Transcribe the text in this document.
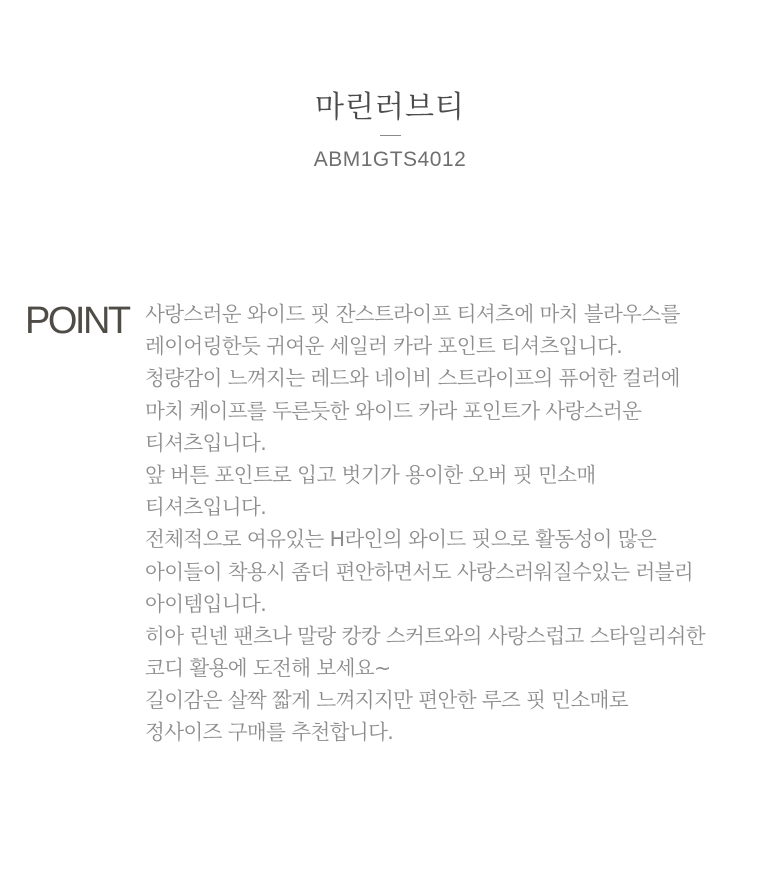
마린러브티
ABM1GTS4012
POINT 사랑스러운 와이드 핏 잔스트라이프 티셔츠에 마치 블라우스를
레이어링한듯 귀여운 세일러 카라 포인트 티셔츠입니다.
청량감이 느껴지는 레드와 네이비 스트라이프의 퓨어한 컬러에
마치 케이프를 두른듯한 와이드 카라 포인트가 사랑스러운
티셔츠입니다.
앞 버튼 포인트로 입고 벗기가 용이한 오버 핏 민소매
티셔츠입니다.
전체적으로 여유있는 H라인의 와이드 핏으로 활동성이 많은
아이들이 착용시 좀더 편안하면서도 사랑스러워질수있는 러블리
아이템입니다.
히아 린넨 팬츠나 말랑 캉캉 스커트와의 사랑스럽고 스타일리쉬한
코디 활용에 도전해 보세요~
길이감은 살짝 짧게 느껴지지만 편안한 루즈 핏 민소매로
정사이즈 구매를 추천합니다.
